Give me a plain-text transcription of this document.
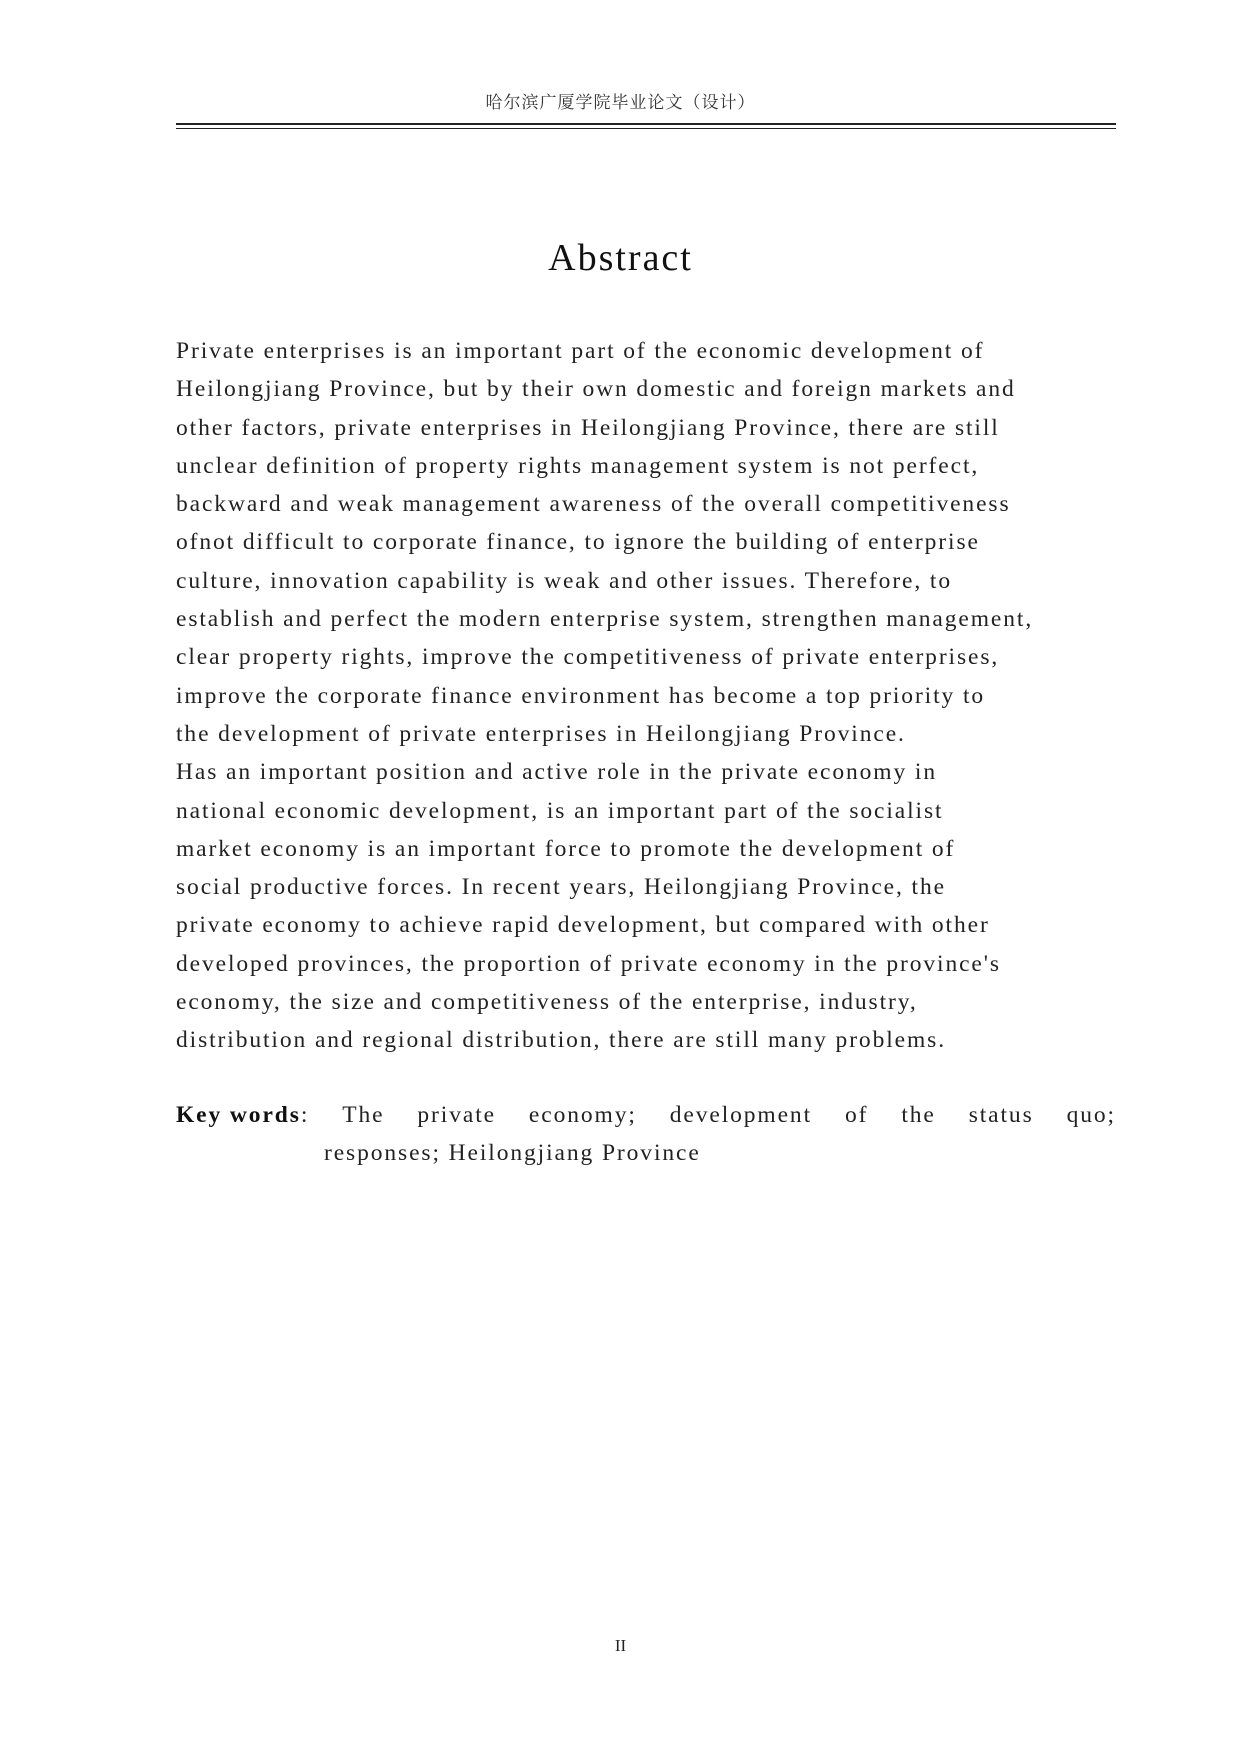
哈尔滨广厦学院毕业论文（设计）
Abstract
Private enterprises is an important part of the economic development of
Heilongjiang Province, but by their own domestic and foreign markets and
other factors, private enterprises in Heilongjiang Province, there are still
unclear definition of property rights management system is not perfect,
backward and weak management awareness of the overall competitiveness
ofnot difficult to corporate finance, to ignore the building of enterprise
culture, innovation capability is weak and other issues. Therefore, to
establish and perfect the modern enterprise system, strengthen management,
clear property rights, improve the competitiveness of private enterprises,
improve the corporate finance environment has become a top priority to
the development of private enterprises in Heilongjiang Province.
Has an important position and active role in the private economy in
national economic development, is an important part of the socialist
market economy is an important force to promote the development of
social productive forces. In recent years, Heilongjiang Province, the
private economy to achieve rapid development, but compared with other
developed provinces, the proportion of private economy in the province's
economy, the size and competitiveness of the enterprise, industry,
distribution and regional distribution, there are still many problems.
Key words: The private economy; development of the status quo;
responses; Heilongjiang Province
II
